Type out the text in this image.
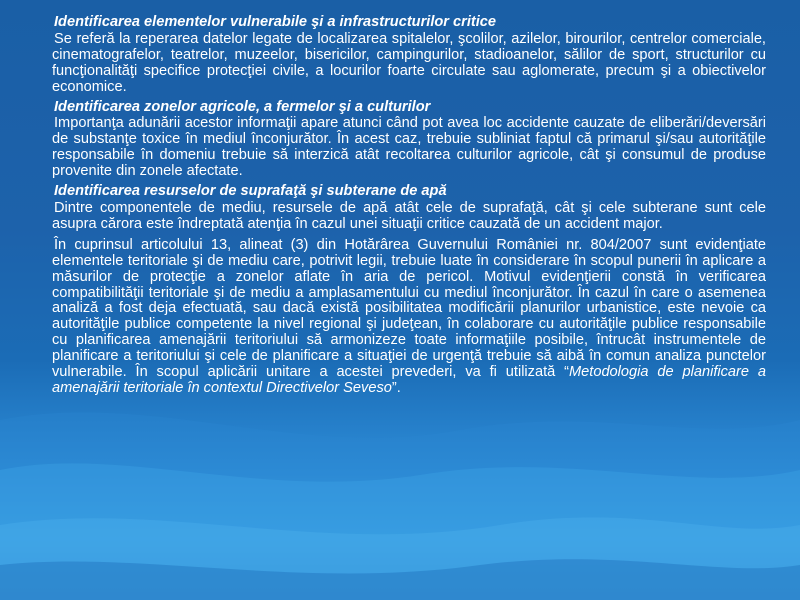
Identificarea elementelor vulnerabile şi a infrastructurilor critice

Se referă la reperarea datelor legate de localizarea spitalelor, şcolilor, azilelor, birourilor, centrelor comerciale, cinematografelor, teatrelor, muzeelor, bisericilor, campingurilor, stadioanelor, sălilor de sport, structurilor cu funcţionalităţi specifice protecţiei civile, a locurilor foarte circulate sau aglomerate, precum şi a obiectivelor economice.

Identificarea zonelor agricole, a fermelor şi a culturilor

Importanţa adunării acestor informaţii apare atunci când pot avea loc accidente cauzate de eliberări/deversări de substanţe toxice în mediul înconjurător. În acest caz, trebuie subliniat faptul că primarul şi/sau autorităţile responsabile în domeniu trebuie să interzică atât recoltarea culturilor agricole, cât şi consumul de produse provenite din zonele afectate.

Identificarea resurselor de suprafaţă şi subterane de apă

Dintre componentele de mediu, resursele de apă atât cele de suprafaţă, cât şi cele subterane sunt cele asupra cărora este îndreptată atenţia în cazul unei situaţii critice cauzată de un accident major.

În cuprinsul articolului 13, alineat (3) din Hotărârea Guvernului României nr. 804/2007 sunt evidenţiate elementele teritoriale şi de mediu care, potrivit legii, trebuie luate în considerare în scopul punerii în aplicare a măsurilor de protecţie a zonelor aflate în aria de pericol. Motivul evidenţierii constă în verificarea compatibilităţii teritoriale şi de mediu a amplasamentului cu mediul înconjurător. În cazul în care o asemenea analiză a fost deja efectuată, sau dacă există posibilitatea modificării planurilor urbanistice, este nevoie ca autorităţile publice competente la nivel regional şi judeţean, în colaborare cu autorităţile publice responsabile cu planificarea amenajării teritoriului să armonizeze toate informaţiile posibile, întrucât instrumentele de planificare a teritoriului şi cele de planificare a situaţiei de urgenţă trebuie să aibă în comun analiza punctelor vulnerabile. În scopul aplicării unitare a acestei prevederi, va fi utilizată “Metodologia de planificare a amenajării teritoriale în contextul Directivelor Seveso”.
